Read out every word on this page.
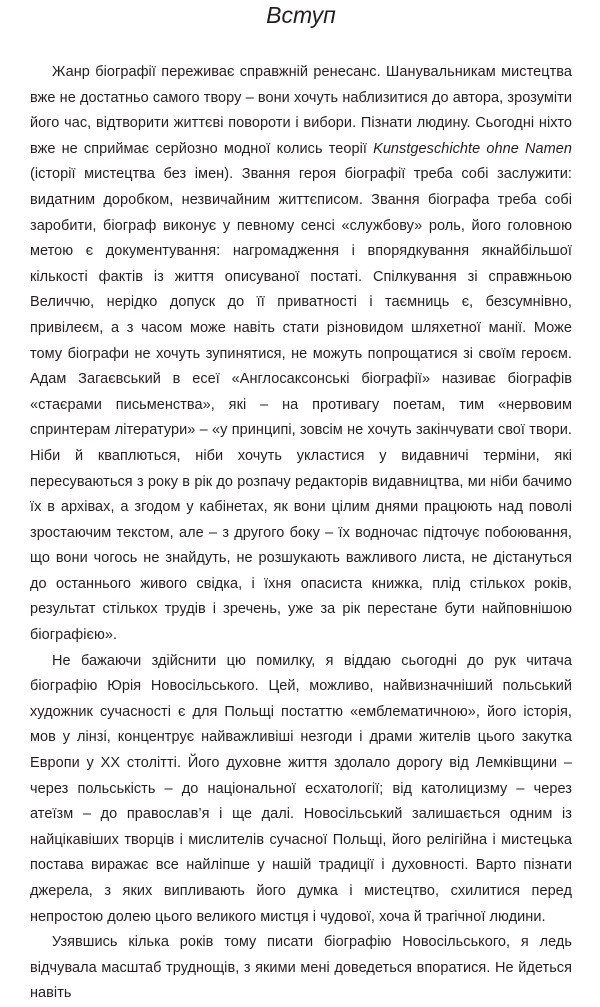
Вступ

Жанр біографії переживає справжній ренесанс. Шанувальникам мистецтва вже не достатньо самого твору – вони хочуть наблизитися до автора, зрозуміти його час, відтворити життєві повороти і вибори. Пізнати людину. Сьогодні ніхто вже не сприймає серйозно модної колись теорії Kunstgeschichte ohne Namen (історії мистецтва без імен). Звання героя біографії треба собі заслужити: видатним доробком, незвичайним життєписом. Звання біографа треба собі заробити, біограф виконує у певному сенсі «службову» роль, його головною метою є документування: нагромадження і впорядкування якнайбільшої кількості фактів із життя описуваної постаті. Спілкування зі справжньою Величчю, нерідко допуск до її приватності і таємниць є, безсумнівно, привілеєм, а з часом може навіть стати різновидом шляхетної манії. Може тому біографи не хочуть зупинятися, не можуть попрощатися зі своїм героєм. Адам Загаєвський в есеї «Англосаксонські біографії» називає біографів «стаєрами письменства», які – на противагу поетам, тим «нервовим спринтерам літератури» – «у принципі, зовсім не хочуть закінчувати свої твори. Ніби й кваплються, ніби хочуть укластися у видавничі терміни, які пересуваються з року в рік до розпачу редакторів видавництва, ми ніби бачимо їх в архівах, а згодом у кабінетах, як вони цілим днями працюють над поволі зростаючим текстом, але – з другого боку – їх водночас підточує побоювання, що вони чогось не знайдуть, не розшукають важливого листа, не дістануться до останнього живого свідка, і їхня опасиста книжка, плід стількох років, результат стількох трудів і зречень, уже за рік перестане бути найповнішою біографією».

Не бажаючи здійснити цю помилку, я віддаю сьогодні до рук читача біографію Юрія Новосільського. Цей, можливо, найвизначніший польський художник сучасності є для Польщі постаттю «емблематичною», його історія, мов у лінзі, концентрує найважливіші незгоди і драми жителів цього закутка Европи у ХХ столітті. Його духовне життя здолало дорогу від Лемківщини – через польськість – до національної есхатології; від католицизму – через атеїзм – до православ’я і ще далі. Новосільський залишається одним із найцікавіших творців і мислителів сучасної Польщі, його релігійна і мистецька постава виражає все найліпше у нашій традиції і духовності. Варто пізнати джерела, з яких випливають його думка і мистецтво, схилитися перед непростою долею цього великого мистця і чудової, хоча й трагічної людини.

Узявшись кілька років тому писати біографію Новосільського, я ледь відчувала масштаб труднощів, з якими мені доведеться впоратися. Не йдеться навіть
